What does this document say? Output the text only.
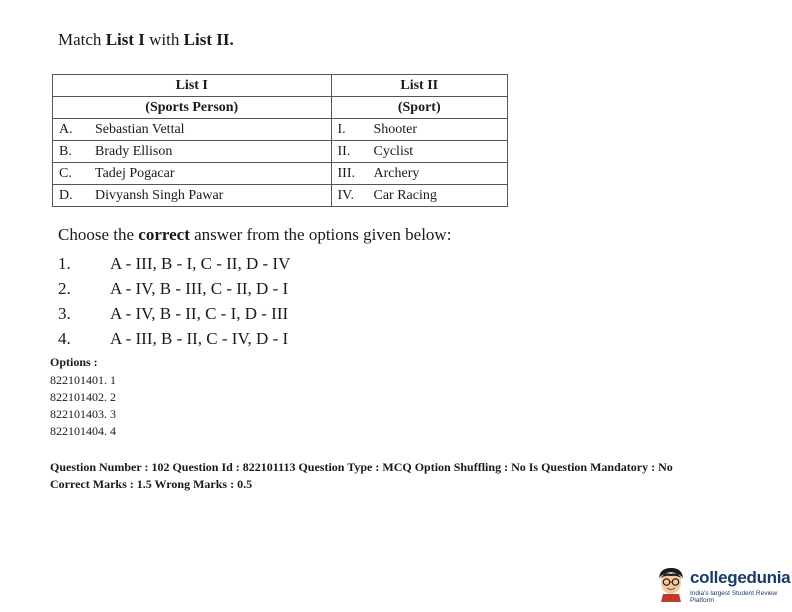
Match List I with List II.
List I	List II
(Sports Person)	(Sport)
A. Sebastian Vettal	I. Shooter
B. Brady Ellison	II. Cyclist
C. Tadej Pogacar	III. Archery
D. Divyansh Singh Pawar	IV. Car Racing
Choose the correct answer from the options given below:
1. A - III, B - I, C - II, D - IV
2. A - IV, B - III, C - II, D - I
3. A - IV, B - II, C - I, D - III
4. A - III, B - II, C - IV, D - I
Options :
822101401. 1
822101402. 2
822101403. 3
822101404. 4
Question Number : 102 Question Id : 822101113 Question Type : MCQ Option Shuffling : No Is Question Mandatory : No
Correct Marks : 1.5 Wrong Marks : 0.5
collegedunia
India's largest Student Review Platform
